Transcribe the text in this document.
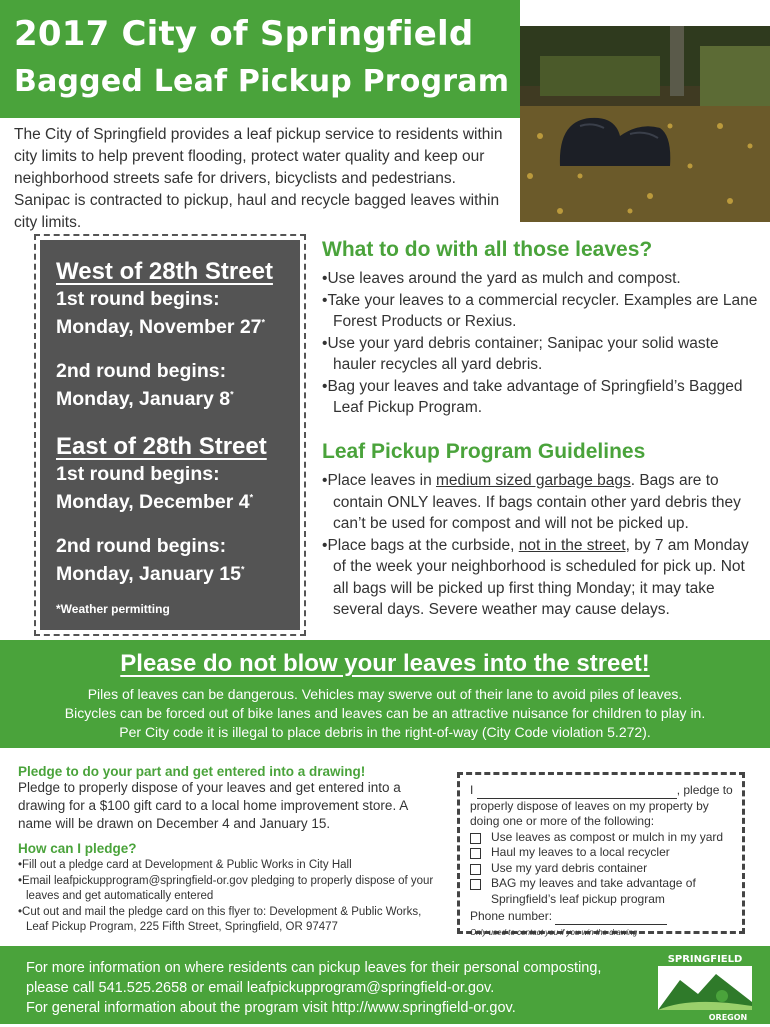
2017 City of Springfield
Bagged Leaf Pickup Program
The City of Springfield provides a leaf pickup service to residents within city limits to help prevent flooding, protect water quality and keep our neighborhood streets safe for drivers, bicyclists and pedestrians. Sanipac is contracted to pickup, haul and recycle bagged leaves within city limits.
West of 28th Street
1st round begins:
Monday, November 27*
2nd round begins:
Monday, January 8*
East of 28th Street
1st round begins:
Monday, December 4*
2nd round begins:
Monday, January 15*
*Weather permitting
What to do with all those leaves?
• Use leaves around the yard as mulch and compost.
• Take your leaves to a commercial recycler. Examples are Lane Forest Products or Rexius.
• Use your yard debris container; Sanipac your solid waste hauler recycles all yard debris.
• Bag your leaves and take advantage of Springfield’s Bagged Leaf Pickup Program.
Leaf Pickup Program Guidelines
• Place leaves in medium sized garbage bags. Bags are to contain ONLY leaves. If bags contain other yard debris they can’t be used for compost and will not be picked up.
• Place bags at the curbside, not in the street, by 7 am Monday of the week your neighborhood is scheduled for pick up. Not all bags will be picked up first thing Monday; it may take several days. Severe weather may cause delays.
Please do not blow your leaves into the street!
Piles of leaves can be dangerous. Vehicles may swerve out of their lane to avoid piles of leaves.
Bicycles can be forced out of bike lanes and leaves can be an attractive nuisance for children to play in.
Per City code it is illegal to place debris in the right-of-way (City Code violation 5.272).

Pledge to do your part and get entered into a drawing!

Pledge to properly dispose of your leaves and get entered into a drawing for a $100 gift card to a local home improvement store. A name will be drawn on December 4 and January 15.

How can I pledge?

• Fill out a pledge card at Development & Public Works in City Hall
• Email leafpickupprogram@springfield-or.gov pledging to properly dispose of your leaves and get automatically entered
• Cut out and mail the pledge card on this flyer to: Development & Public Works, Leaf Pickup Program, 225 Fifth Street, Springfield, OR 97477
I	, pledge to
properly dispose of leaves on my property by doing one or more of the following:
Use leaves as compost or mulch in my yard
Haul my leaves to a local recycler
Use my yard debris container
BAG my leaves and take advantage of Springfield’s leaf pickup program
Phone number:
Only used to contact you if you win the drawing
For more information on where residents can pickup leaves for their personal composting,
please call 541.525.2658 or email leafpickupprogram@springfield-or.gov.
For general information about the program visit http://www.springfield-or.gov.
SPRINGFIELD
OREGON
